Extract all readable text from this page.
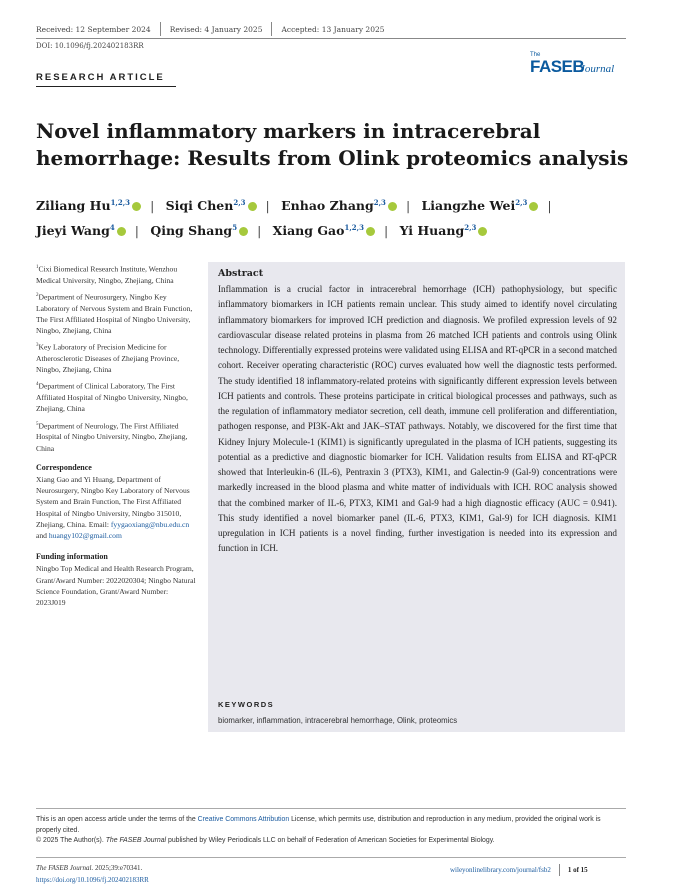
Received: 12 September 2024	Revised: 4 January 2025	Accepted: 13 January 2025
DOI: 10.1096/fj.202402183RR
RESEARCH ARTICLE
The
FASEB
Journal
Novel inflammatory markers in intracerebral hemorrhage: Results from Olink proteomics analysis
Ziliang Hu$^{1,2,3}$ iD | Siqi Chen$^{2,3}$ iD | Enhao Zhang$^{2,3}$ iD | Liangzhe Wei$^{2,3}$iD |
Jieyi Wang$^4$ iD | Qing Shang$^5$ iD | Xiang Gao$^{1,2,3}$ iD | Yi Huang$^{2,3}$iD

$^1$Cixi Biomedical Research Institute, Wenzhou Medical University, Ningbo, Zhejiang, China

$^2$Department of Neurosurgery, Ningbo Key Laboratory of Nervous System and Brain Function, The First Affiliated Hospital of Ningbo University, Ningbo, Zhejiang, China

$^3$Key Laboratory of Precision Medicine for Atherosclerotic Diseases of Zhejiang Province, Ningbo, Zhejiang, China

$^4$Department of Clinical Laboratory, The First Affiliated Hospital of Ningbo University, Ningbo, Zhejiang, China

$^5$Department of Neurology, The First Affiliated Hospital of Ningbo University, Ningbo, Zhejiang, China

Correspondence
Xiang Gao and Yi Huang, Department of Neurosurgery, Ningbo Key Laboratory of Nervous System and Brain Function, The First Affiliated Hospital of Ningbo University, Ningbo 315010, Zhejiang, China. Email: fyygaoxiang@nbu.edu.cn and huangy102@gmail.com
Funding information
Ningbo Top Medical and Health Research Program, Grant/Award Number: 2022020304; Ningbo Natural Science Foundation, Grant/Award Number: 2023J019
Abstract
Inflammation is a crucial factor in intracerebral hemorrhage (ICH) pathophysiology, but specific inflammatory biomarkers in ICH patients remain unclear. This study aimed to identify novel circulating inflammatory biomarkers for improved ICH prediction and diagnosis. We profiled expression levels of 92 cardiovascular disease related proteins in plasma from 26 matched ICH patients and controls using Olink technology. Differentially expressed proteins were validated using ELISA and RT-qPCR in a second matched cohort. Receiver operating characteristic (ROC) curves evaluated how well the diagnostic tests performed. The study identified 18 inflammatory-related proteins with significantly different expression levels between ICH patients and controls. These proteins participate in critical biological processes and pathways, such as the regulation of inflammatory mediator secretion, cell death, immune cell proliferation and differentiation, pathogen response, and PI3K-Akt and JAK–STAT pathways. Notably, we discovered for the first time that Kidney Injury Molecule-1 (KIM1) is significantly upregulated in the plasma of ICH patients, suggesting its potential as a predictive and diagnostic biomarker for ICH. Validation results from ELISA and RT-qPCR showed that Interleukin-6 (IL-6), Pentraxin 3 (PTX3), KIM1, and Galectin-9 (Gal-9) concentrations were markedly increased in the blood plasma and white matter of individuals with ICH. ROC analysis showed that the combined marker of IL-6, PTX3, KIM1 and Gal-9 had a high diagnostic efficacy (AUC = 0.941). This study identified a novel biomarker panel (IL-6, PTX3, KIM1, Gal-9) for ICH diagnosis. KIM1 upregulation in ICH patients is a novel finding, further investigation is needed into its expression and function in ICH.
KEYWORDS
biomarker, inflammation, intracerebral hemorrhage, Olink, proteomics
This is an open access article under the terms of the Creative Commons Attribution License, which permits use, distribution and reproduction in any medium, provided the original work is properly cited.
© 2025 The Author(s). The FASEB Journal published by Wiley Periodicals LLC on behalf of Federation of American Societies for Experimental Biology.
The FASEB Journal. 2025;39:e70341.
https://doi.org/10.1096/fj.202402183RR
wileyonlinelibrary.com/journal/fsb2 1 of 15
